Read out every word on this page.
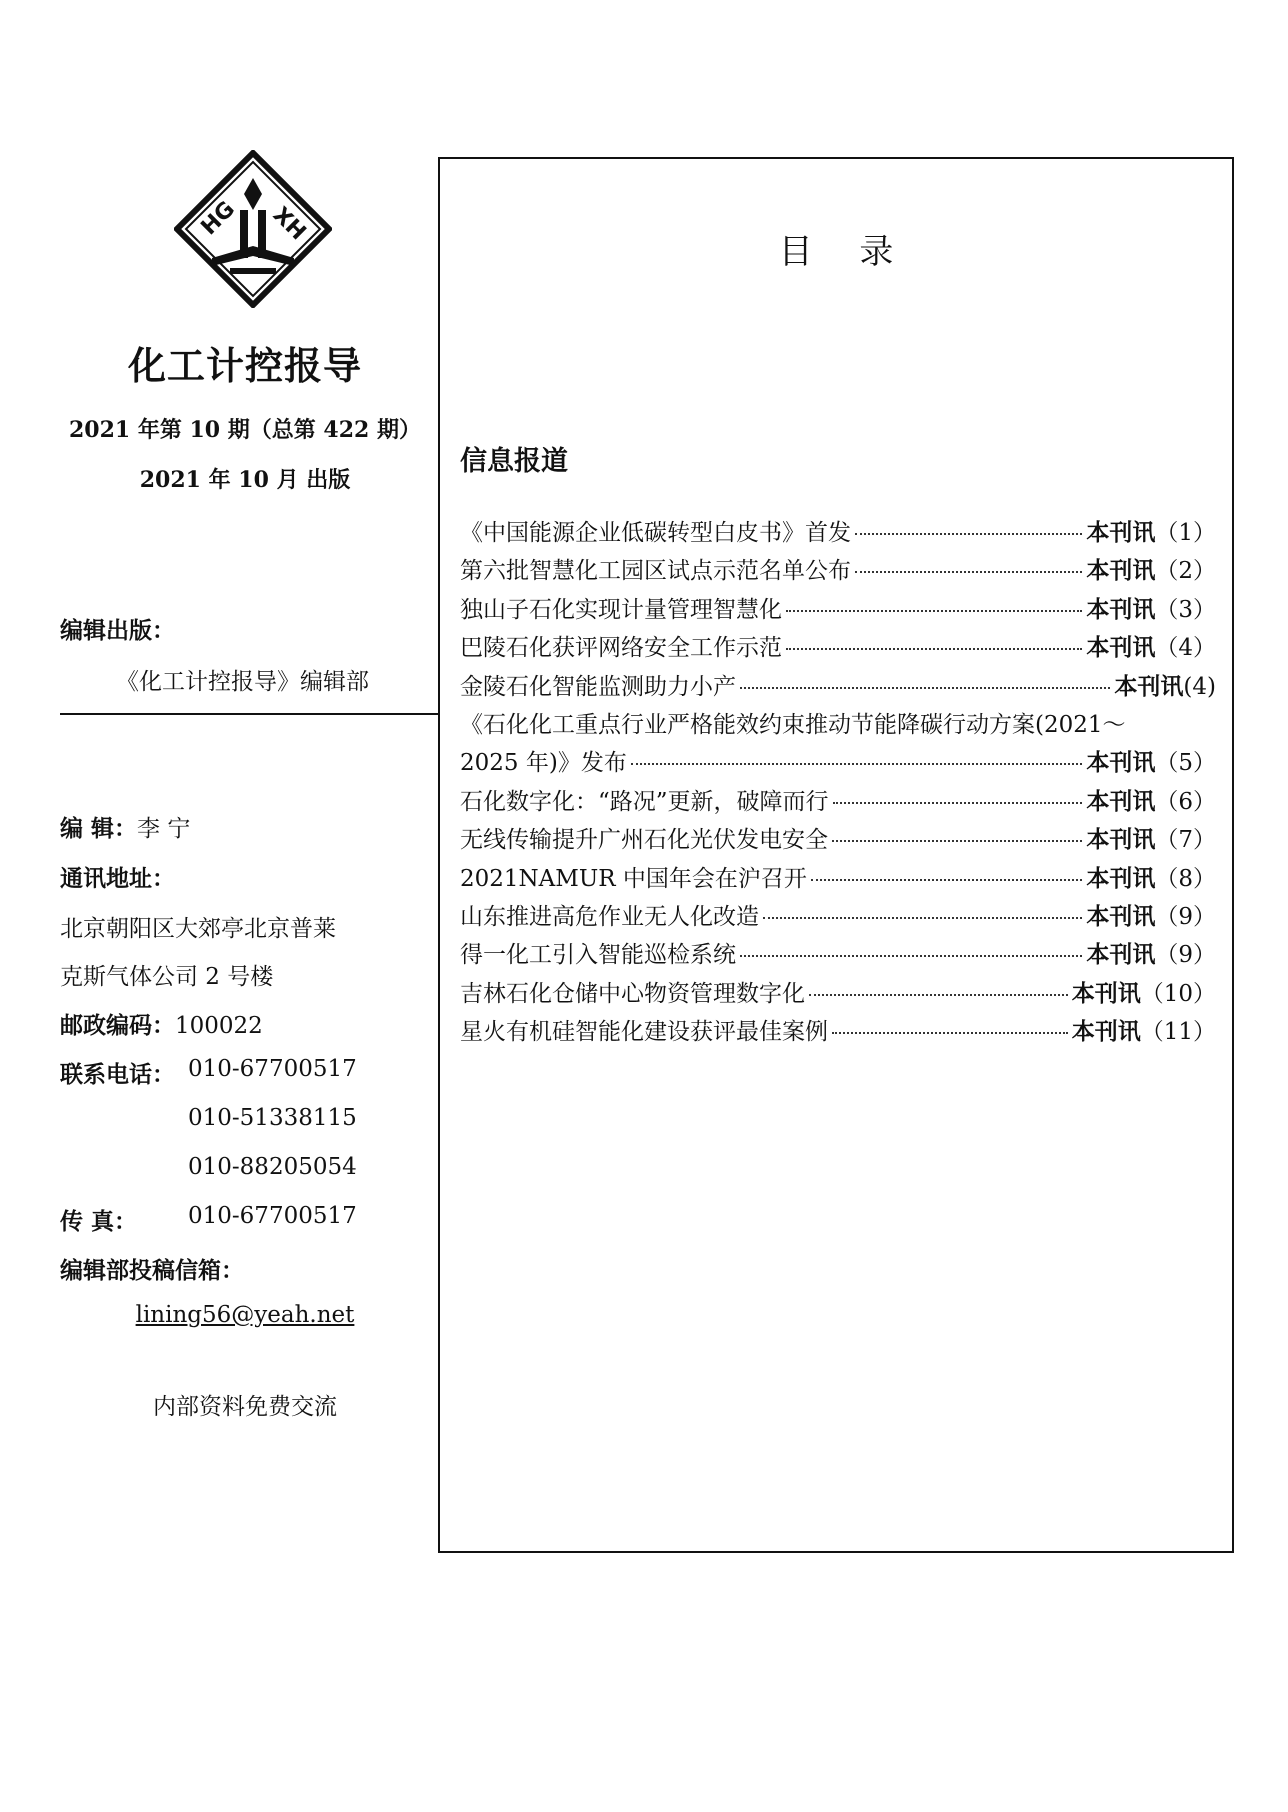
HG XH
化工计控报导
2021 年第 10 期（总第 422 期）
2021 年 10 月 出版
编辑出版：
《化工计控报导》编辑部
编 辑：李 宁
通讯地址：
北京朝阳区大郊亭北京普莱
克斯气体公司 2 号楼
邮政编码：100022
联系电话： 010-67700517
010-51338115
010-88205054
传 真： 010-67700517
编辑部投稿信箱：
lining56@yeah.net
内部资料免费交流
目 录
信息报道
《中国能源企业低碳转型白皮书》首发	本刊讯 （1）
第六批智慧化工园区试点示范名单公布	本刊讯 （2）
独山子石化实现计量管理智慧化	本刊讯 （3）
巴陵石化获评网络安全工作示范	本刊讯 （4）
金陵石化智能监测助力小产	本刊讯 (4)
《石化化工重点行业严格能效约束推动节能降碳行动方案(2021～
2025 年)》发布	本刊讯 （5）
石化数字化：“路况”更新，破障而行	本刊讯 （6）
无线传输提升广州石化光伏发电安全	本刊讯 （7）
2021NAMUR 中国年会在沪召开	本刊讯 （8）
山东推进高危作业无人化改造	本刊讯 （9）
得一化工引入智能巡检系统	本刊讯 （9）
吉林石化仓储中心物资管理数字化	本刊讯 （10）
星火有机硅智能化建设获评最佳案例	本刊讯 （11）
